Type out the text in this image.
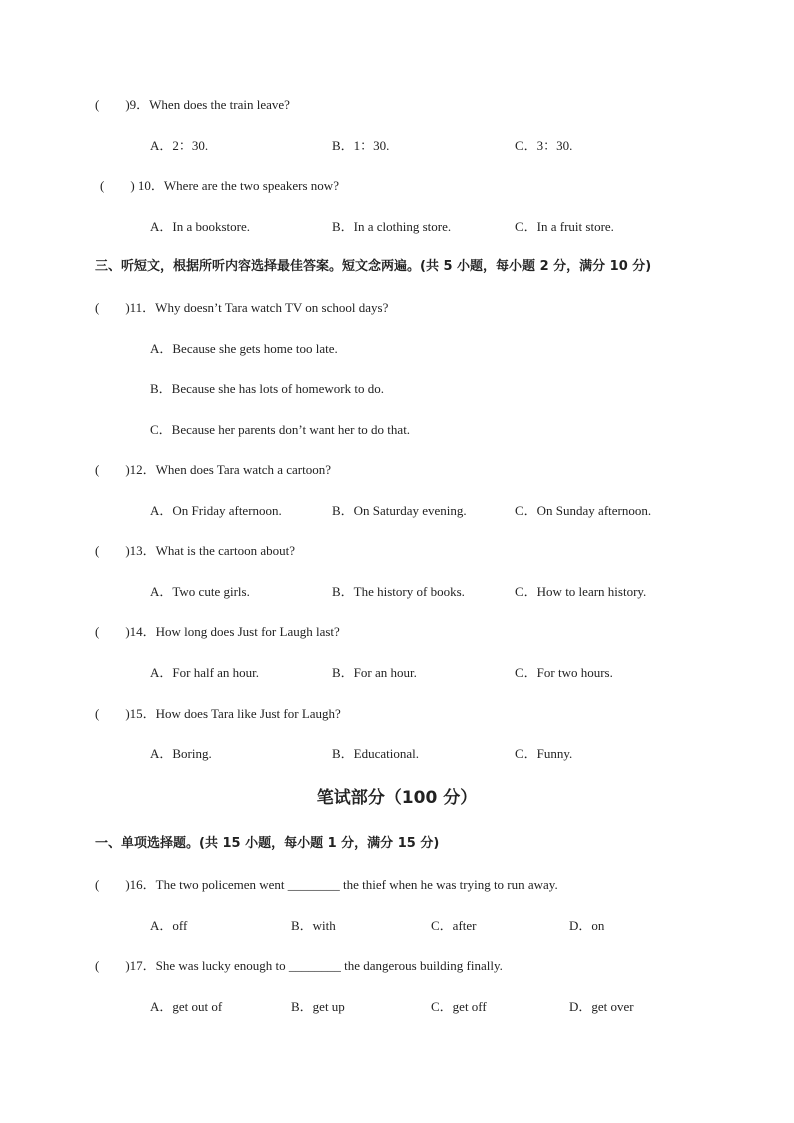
(　　)9．When does the train leave?
A．2：30.	B．1：30.	C．3：30.
(　　) 10．Where are the two speakers now?
A．In a bookstore.	B．In a clothing store.	C．In a fruit store.
三、听短文，根据所听内容选择最佳答案。短文念两遍。(共 5 小题，每小题 2 分，满分 10 分)
(　　)11．Why doesn’t Tara watch TV on school days?
A．Because she gets home too late.
B．Because she has lots of homework to do.
C．Because her parents don’t want her to do that.
(　　)12．When does Tara watch a cartoon?
A．On Friday afternoon.	B．On Saturday evening.	C．On Sunday afternoon.
(　　)13．What is the cartoon about?
A．Two cute girls.	B．The history of books.	C．How to learn history.
(　　)14．How long does Just for Laugh last?
A．For half an hour.	B．For an hour.	C．For two hours.
(　　)15．How does Tara like Just for Laugh?
A．Boring.	B．Educational.	C．Funny.
笔试部分（100 分）
一、单项选择题。(共 15 小题，每小题 1 分，满分 15 分)
(　　)16．The two policemen went ________ the thief when he was trying to run away.
A．off	B．with	C．after	D．on
(　　)17．She was lucky enough to ________ the dangerous building finally.
A．get out of	B．get up	C．get off	D．get over
